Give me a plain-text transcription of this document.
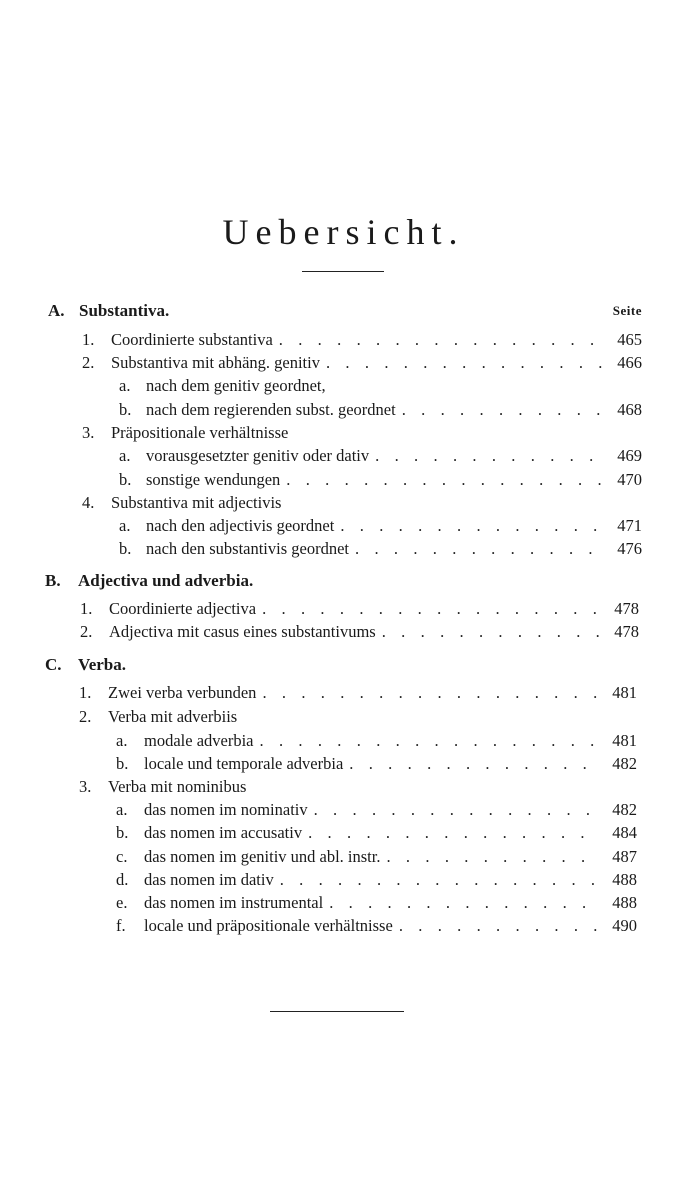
Uebersicht.
A. Substantiva.	Seite
1.	Coordinierte substantiva . . .	465
2.	Substantiva mit abhäng. genitiv . . .	466
a. nach dem genitiv geordnet,
b. nach dem regierenden subst. geordnet . . .	468
3.	Präpositionale verhältnisse
a. vorausgesetzter genitiv oder dativ . . .	469
b. sonstige wendungen . . .	470
4.	Substantiva mit adjectivis
a. nach den adjectivis geordnet . . .	471
b. nach den substantivis geordnet . . .	476
B. Adjectiva und adverbia.
1.	Coordinierte adjectiva . . .	478
2.	Adjectiva mit casus eines substantivums . . .	478
C. Verba.
1.	Zwei verba verbunden . . .	481
2.	Verba mit adverbiis
a.	modale adverbia . . .	481
b. locale und temporale adverbia . . .	482
3.	Verba mit nominibus
a.	das nomen im nominativ . . .	482
b. das nomen im accusativ . . .	484
c.	das nomen im genitiv und abl. instr. . . .	487
d. das nomen im dativ . . .	488
e.	das nomen im instrumental . . .	488
f.	locale und präpositionale verhältnisse . . .	490
